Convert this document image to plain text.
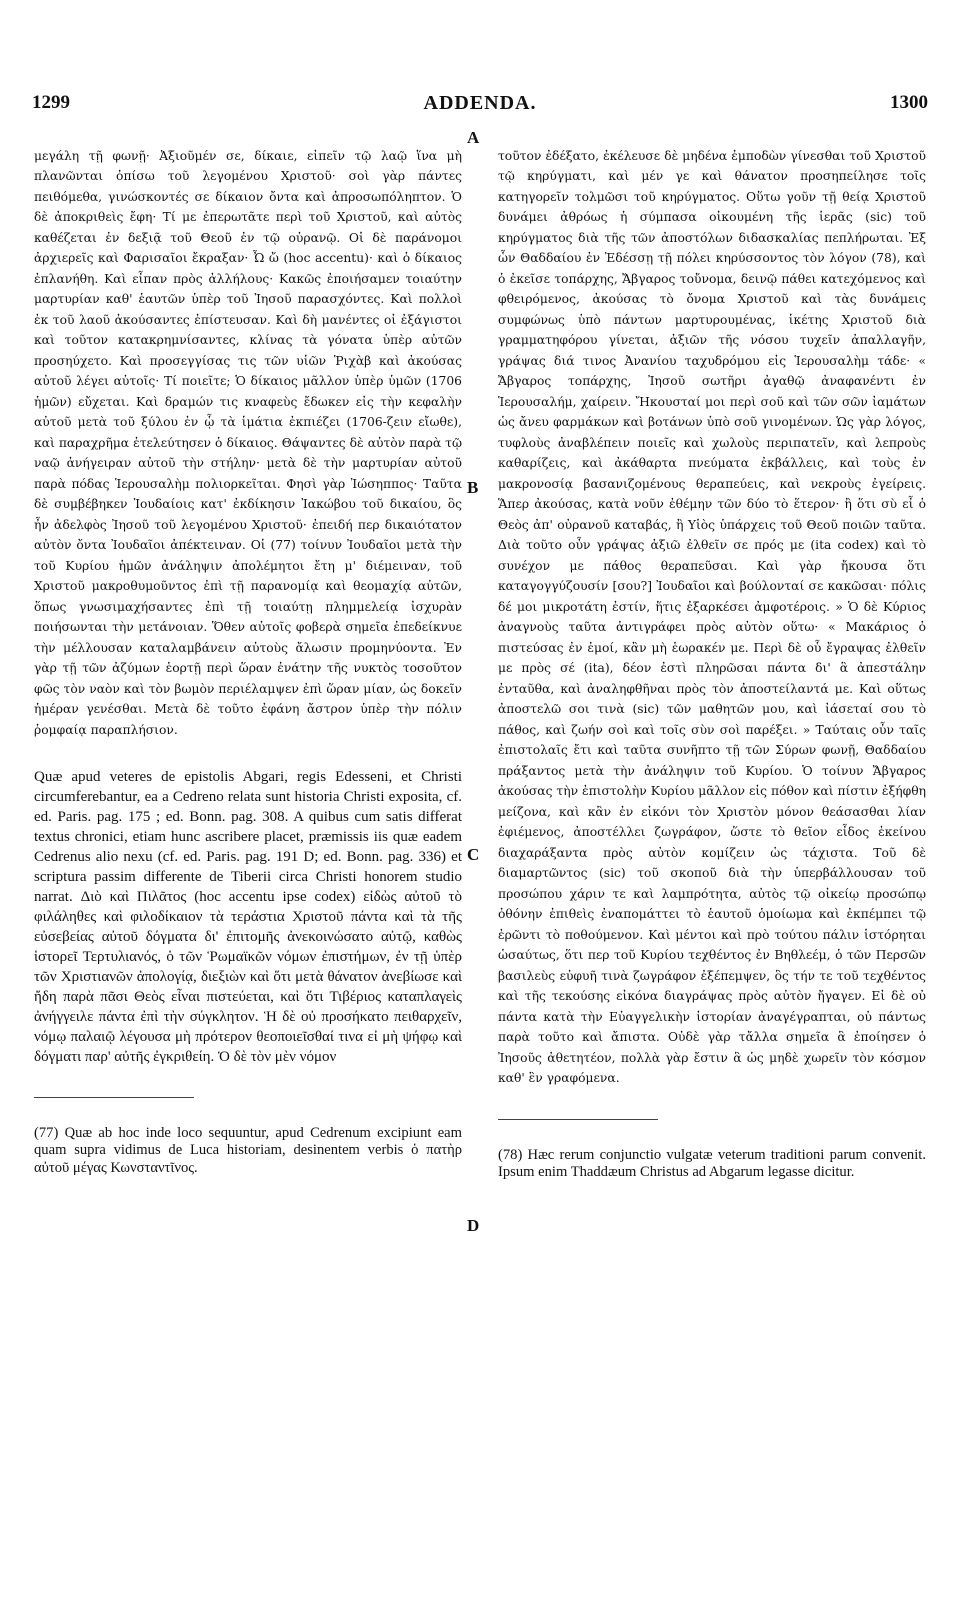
1299	ADDENDA.	1300

μεγάλη τῇ φωνῇ· Ἀξιοῦμέν σε, δίκαιε, εἰπεῖν τῷ λαῷ ἵνα μὴ πλανῶνται ὀπίσω τοῦ λεγομένου Χριστοῦ· σοὶ γὰρ πάντες πειθόμεθα, γινώσκοντές σε δίκαιον ὄντα καὶ ἀπροσωπόληπτον. Ὁ δὲ ἀποκριθεὶς ἔφη· Τί με ἐπερωτᾶτε περὶ τοῦ Χριστοῦ, καὶ αὐτὸς καθέζεται ἐν δεξιᾷ τοῦ Θεοῦ ἐν τῷ οὐρανῷ. Οἱ δὲ παράνομοι ἀρχιερεῖς καὶ Φαρισαῖοι ἔκραξαν· Ὦ ὤ (hoc accentu)· καὶ ὁ δίκαιος ἐπλανήθη. Καὶ εἶπαν πρὸς ἀλλήλους· Κακῶς ἐποιήσαμεν τοιαύτην μαρτυρίαν καθ' ἑαυτῶν ὑπὲρ τοῦ Ἰησοῦ παρασχόντες. Καὶ πολλοὶ ἐκ τοῦ λαοῦ ἀκούσαντες ἐπίστευσαν. Καὶ δὴ μανέντες οἱ ἐξάγιστοι καὶ τοῦτον κατακρημνίσαντες, κλίνας τὰ γόνατα ὑπὲρ αὐτῶν προσηύχετο. Καὶ προσεγγίσας τις τῶν υἱῶν Ῥιχὰβ καὶ ἀκούσας αὐτοῦ λέγει αὐτοῖς· Τί ποιεῖτε; Ὁ δίκαιος μᾶλλον ὑπὲρ ὑμῶν (1706 ἡμῶν) εὔχεται. Καὶ δραμών τις κναφεὺς ἔδωκεν εἰς τὴν κεφαλὴν αὐτοῦ μετὰ τοῦ ξύλου ἐν ᾧ τὰ ἱμάτια ἐκπιέζει (1706-ζειν εἴωθε), καὶ παραχρῆμα ἐτελεύτησεν ὁ δίκαιος. Θάψαντες δὲ αὐτὸν παρὰ τῷ ναῷ ἀνήγειραν αὐτοῦ τὴν στήλην· μετὰ δὲ τὴν μαρτυρίαν αὐτοῦ παρὰ πόδας Ἱερουσαλὴμ πολιορκεῖται. Φησὶ γὰρ Ἰώσηππος· Ταῦτα δὲ συμβέβηκεν Ἰουδαίοις κατ' ἐκδίκησιν Ἰακώβου τοῦ δικαίου, ὃς ἦν ἀδελφὸς Ἰησοῦ τοῦ λεγομένου Χριστοῦ· ἐπειδή περ δικαιότατον αὐτὸν ὄντα Ἰουδαῖοι ἀπέκτειναν. Οἱ (77) τοίνυν Ἰουδαῖοι μετὰ τὴν τοῦ Κυρίου ἡμῶν ἀνάληψιν ἀπολέμητοι ἔτη μ' διέμειναν, τοῦ Χριστοῦ μακροθυμοῦντος ἐπὶ τῇ παρανομίᾳ καὶ θεομαχίᾳ αὐτῶν, ὅπως γνωσιμαχήσαντες ἐπὶ τῇ τοιαύτῃ πλημμελείᾳ ἰσχυρὰν ποιήσωνται τὴν μετάνοιαν. Ὅθεν αὐτοῖς φοβερὰ σημεῖα ἐπεδείκνυε τὴν μέλλουσαν καταλαμβάνειν αὐτοὺς ἄλωσιν προμηνύοντα. Ἐν γὰρ τῇ τῶν ἀζύμων ἑορτῇ περὶ ὥραν ἐνάτην τῆς νυκτὸς τοσοῦτον φῶς τὸν ναὸν καὶ τὸν βωμὸν περιέλαμψεν ἐπὶ ὥραν μίαν, ὡς δοκεῖν ἡμέραν γενέσθαι. Μετὰ δὲ τοῦτο ἐφάνη ἄστρον ὑπὲρ τὴν πόλιν ῥομφαίᾳ παραπλήσιον.

Quæ apud veteres de epistolis Abgari, regis Edesseni, et Christi circumferebantur, ea a Cedreno relata sunt historia Christi exposita, cf. ed. Paris. pag. 175 ; ed. Bonn. pag. 308. A quibus cum satis differat textus chronici, etiam hunc ascribere placet, præmissis iis quæ eadem Cedrenus alio nexu (cf. ed. Paris. pag. 191 D; ed. Bonn. pag. 336) et scriptura passim differente de Tiberii circa Christi honorem studio narrat. Διὸ καὶ Πιλᾶτος (hoc accentu ipse codex) εἰδὼς αὐτοῦ τὸ φιλάληθες καὶ φιλοδίκαιον τὰ τεράστια Χριστοῦ πάντα καὶ τὰ τῆς εὐσεβείας αὐτοῦ δόγματα δι' ἐπιτομῆς ἀνεκοινώσατο αὐτῷ, καθὼς ἱστορεῖ Τερτυλιανός, ὁ τῶν Ῥωμαϊκῶν νόμων ἐπιστήμων, ἐν τῇ ὑπὲρ τῶν Χριστιανῶν ἀπολογίᾳ, διεξιὼν καὶ ὅτι μετὰ θάνατον ἀνεβίωσε καὶ ἤδη παρὰ πᾶσι Θεὸς εἶναι πιστεύεται, καὶ ὅτι Τιβέριος καταπλαγεὶς ἀνήγγειλε πάντα ἐπὶ τὴν σύγκλητον. Ἡ δὲ οὐ προσήκατο πειθαρχεῖν, νόμῳ παλαιῷ λέγουσα μὴ πρότερον θεοποιεῖσθαί τινα εἰ μὴ ψήφῳ καὶ δόγματι παρ' αὐτῆς ἐγκριθείη. Ὁ δὲ τὸν μὲν νόμον

(77) Quæ ab hoc inde loco sequuntur, apud Cedrenum excipiunt eam quam supra vidimus de Luca historiam, desinentem verbis ὁ πατὴρ αὐτοῦ μέγας Κωνσταντῖνος.

τοῦτον ἐδέξατο, ἐκέλευσε δὲ μηδένα ἐμποδὼν γίνεσθαι τοῦ Χριστοῦ τῷ κηρύγματι, καὶ μέν γε καὶ θάνατον προσηπείλησε τοῖς κατηγορεῖν τολμῶσι τοῦ κηρύγματος. Οὕτω γοῦν τῇ θείᾳ Χριστοῦ δυνάμει ἀθρόως ἡ σύμπασα οἰκουμένη τῆς ἱερᾶς (sic) τοῦ κηρύγματος διὰ τῆς τῶν ἀποστόλων διδασκαλίας πεπλήρωται. Ἐξ ὧν Θαδδαίου ἐν Ἐδέσσῃ τῇ πόλει κηρύσσοντος τὸν λόγον (78), καὶ ὁ ἐκεῖσε τοπάρχης, Ἄβγαρος τοὔνομα, δεινῷ πάθει κατεχόμενος καὶ φθειρόμενος, ἀκούσας τὸ ὄνομα Χριστοῦ καὶ τὰς δυνάμεις συμφώνως ὑπὸ πάντων μαρτυρουμένας, ἱκέτης Χριστοῦ διὰ γραμματηφόρου γίνεται, ἀξιῶν τῆς νόσου τυχεῖν ἀπαλλαγῆν, γράψας διά τινος Ἀνανίου ταχυδρόμου εἰς Ἱερουσαλὴμ τάδε· « Ἄβγαρος τοπάρχης, Ἰησοῦ σωτῆρι ἀγαθῷ ἀναφανέντι ἐν Ἱερουσαλήμ, χαίρειν. Ἤκουσταί μοι περὶ σοῦ καὶ τῶν σῶν ἰαμάτων ὡς ἄνευ φαρμάκων καὶ βοτάνων ὑπὸ σοῦ γινομένων. Ὡς γὰρ λόγος, τυφλοὺς ἀναβλέπειν ποιεῖς καὶ χωλοὺς περιπατεῖν, καὶ λεπροὺς καθαρίζεις, καὶ ἀκάθαρτα πνεύματα ἐκβάλλεις, καὶ τοὺς ἐν μακρονοσίᾳ βασανιζομένους θεραπεύεις, καὶ νεκροὺς ἐγείρεις. Ἅπερ ἀκούσας, κατὰ νοῦν ἐθέμην τῶν δύο τὸ ἕτερον· ἢ ὅτι σὺ εἶ ὁ Θεὸς ἀπ' οὐρανοῦ καταβάς, ἢ Υἱὸς ὑπάρχεις τοῦ Θεοῦ ποιῶν ταῦτα. Διὰ τοῦτο οὖν γράψας ἀξιῶ ἐλθεῖν σε πρός με (ita codex) καὶ τὸ συνέχον με πάθος θεραπεῦσαι. Καὶ γὰρ ἤκουσα ὅτι καταγογγύζουσίν [σου?] Ἰουδαῖοι καὶ βούλονταί σε κακῶσαι· πόλις δέ μοι μικροτάτη ἐστίν, ἥτις ἐξαρκέσει ἀμφοτέροις. » Ὁ δὲ Κύριος ἀναγνοὺς ταῦτα ἀντιγράφει πρὸς αὐτὸν οὕτω· « Μακάριος ὁ πιστεύσας ἐν ἐμοί, κἂν μὴ ἑωρακέν με. Περὶ δὲ οὗ ἔγραψας ἐλθεῖν με πρὸς σέ (ita), δέον ἐστὶ πληρῶσαι πάντα δι' ἃ ἀπεστάλην ἐνταῦθα, καὶ ἀναληφθῆναι πρὸς τὸν ἀποστείλαντά με. Καὶ οὕτως ἀποστελῶ σοι τινὰ (sic) τῶν μαθητῶν μου, καὶ ἰάσεταί σου τὸ πάθος, καὶ ζωήν σοὶ καὶ τοῖς σὺν σοὶ παρέξει. » Ταύταις οὖν ταῖς ἐπιστολαῖς ἔτι καὶ ταῦτα συνῆπτο τῇ τῶν Σύρων φωνῇ, Θαδδαίου πράξαντος μετὰ τὴν ἀνάληψιν τοῦ Κυρίου. Ὁ τοίνυν Ἄβγαρος ἀκούσας τὴν ἐπιστολὴν Κυρίου μᾶλλον εἰς πόθον καὶ πίστιν ἐξήφθη μείζονα, καὶ κἂν ἐν εἰκόνι τὸν Χριστὸν μόνον θεάσασθαι λίαν ἐφιέμενος, ἀποστέλλει ζωγράφον, ὥστε τὸ θεῖον εἶδος ἐκείνου διαχαράξαντα πρὸς αὐτὸν κομίζειν ὡς τάχιστα. Τοῦ δὲ διαμαρτῶντος (sic) τοῦ σκοποῦ διὰ τὴν ὑπερβάλλουσαν τοῦ προσώπου χάριν τε καὶ λαμπρότητα, αὐτὸς τῷ οἰκείῳ προσώπῳ ὀθόνην ἐπιθεὶς ἐναπομάττει τὸ ἑαυτοῦ ὁμοίωμα καὶ ἐκπέμπει τῷ ἐρῶντι τὸ ποθούμενον. Καὶ μέντοι καὶ πρὸ τούτου πάλιν ἱστόρηται ὡσαύτως, ὅτι περ τοῦ Κυρίου τεχθέντος ἐν Βηθλεέμ, ὁ τῶν Περσῶν βασιλεὺς εὐφυῆ τινὰ ζωγράφον ἐξέπεμψεν, ὃς τήν τε τοῦ τεχθέντος καὶ τῆς τεκούσης εἰκόνα διαγράψας πρὸς αὐτὸν ἤγαγεν. Εἰ δὲ οὐ πάντα κατὰ τὴν Εὐαγγελικὴν ἱστορίαν ἀναγέγραπται, οὐ πάντως παρὰ τοῦτο καὶ ἄπιστα. Οὐδὲ γὰρ τἄλλα σημεῖα ἃ ἐποίησεν ὁ Ἰησοῦς ἀθετητέον, πολλὰ γὰρ ἔστιν ἃ ὡς μηδὲ χωρεῖν τὸν κόσμον καθ' ἓν γραφόμενα.

(78) Hæc rerum conjunctio vulgatæ veterum traditioni parum convenit. Ipsum enim Thaddæum Christus ad Abgarum legasse dicitur.

A
B
C
D
